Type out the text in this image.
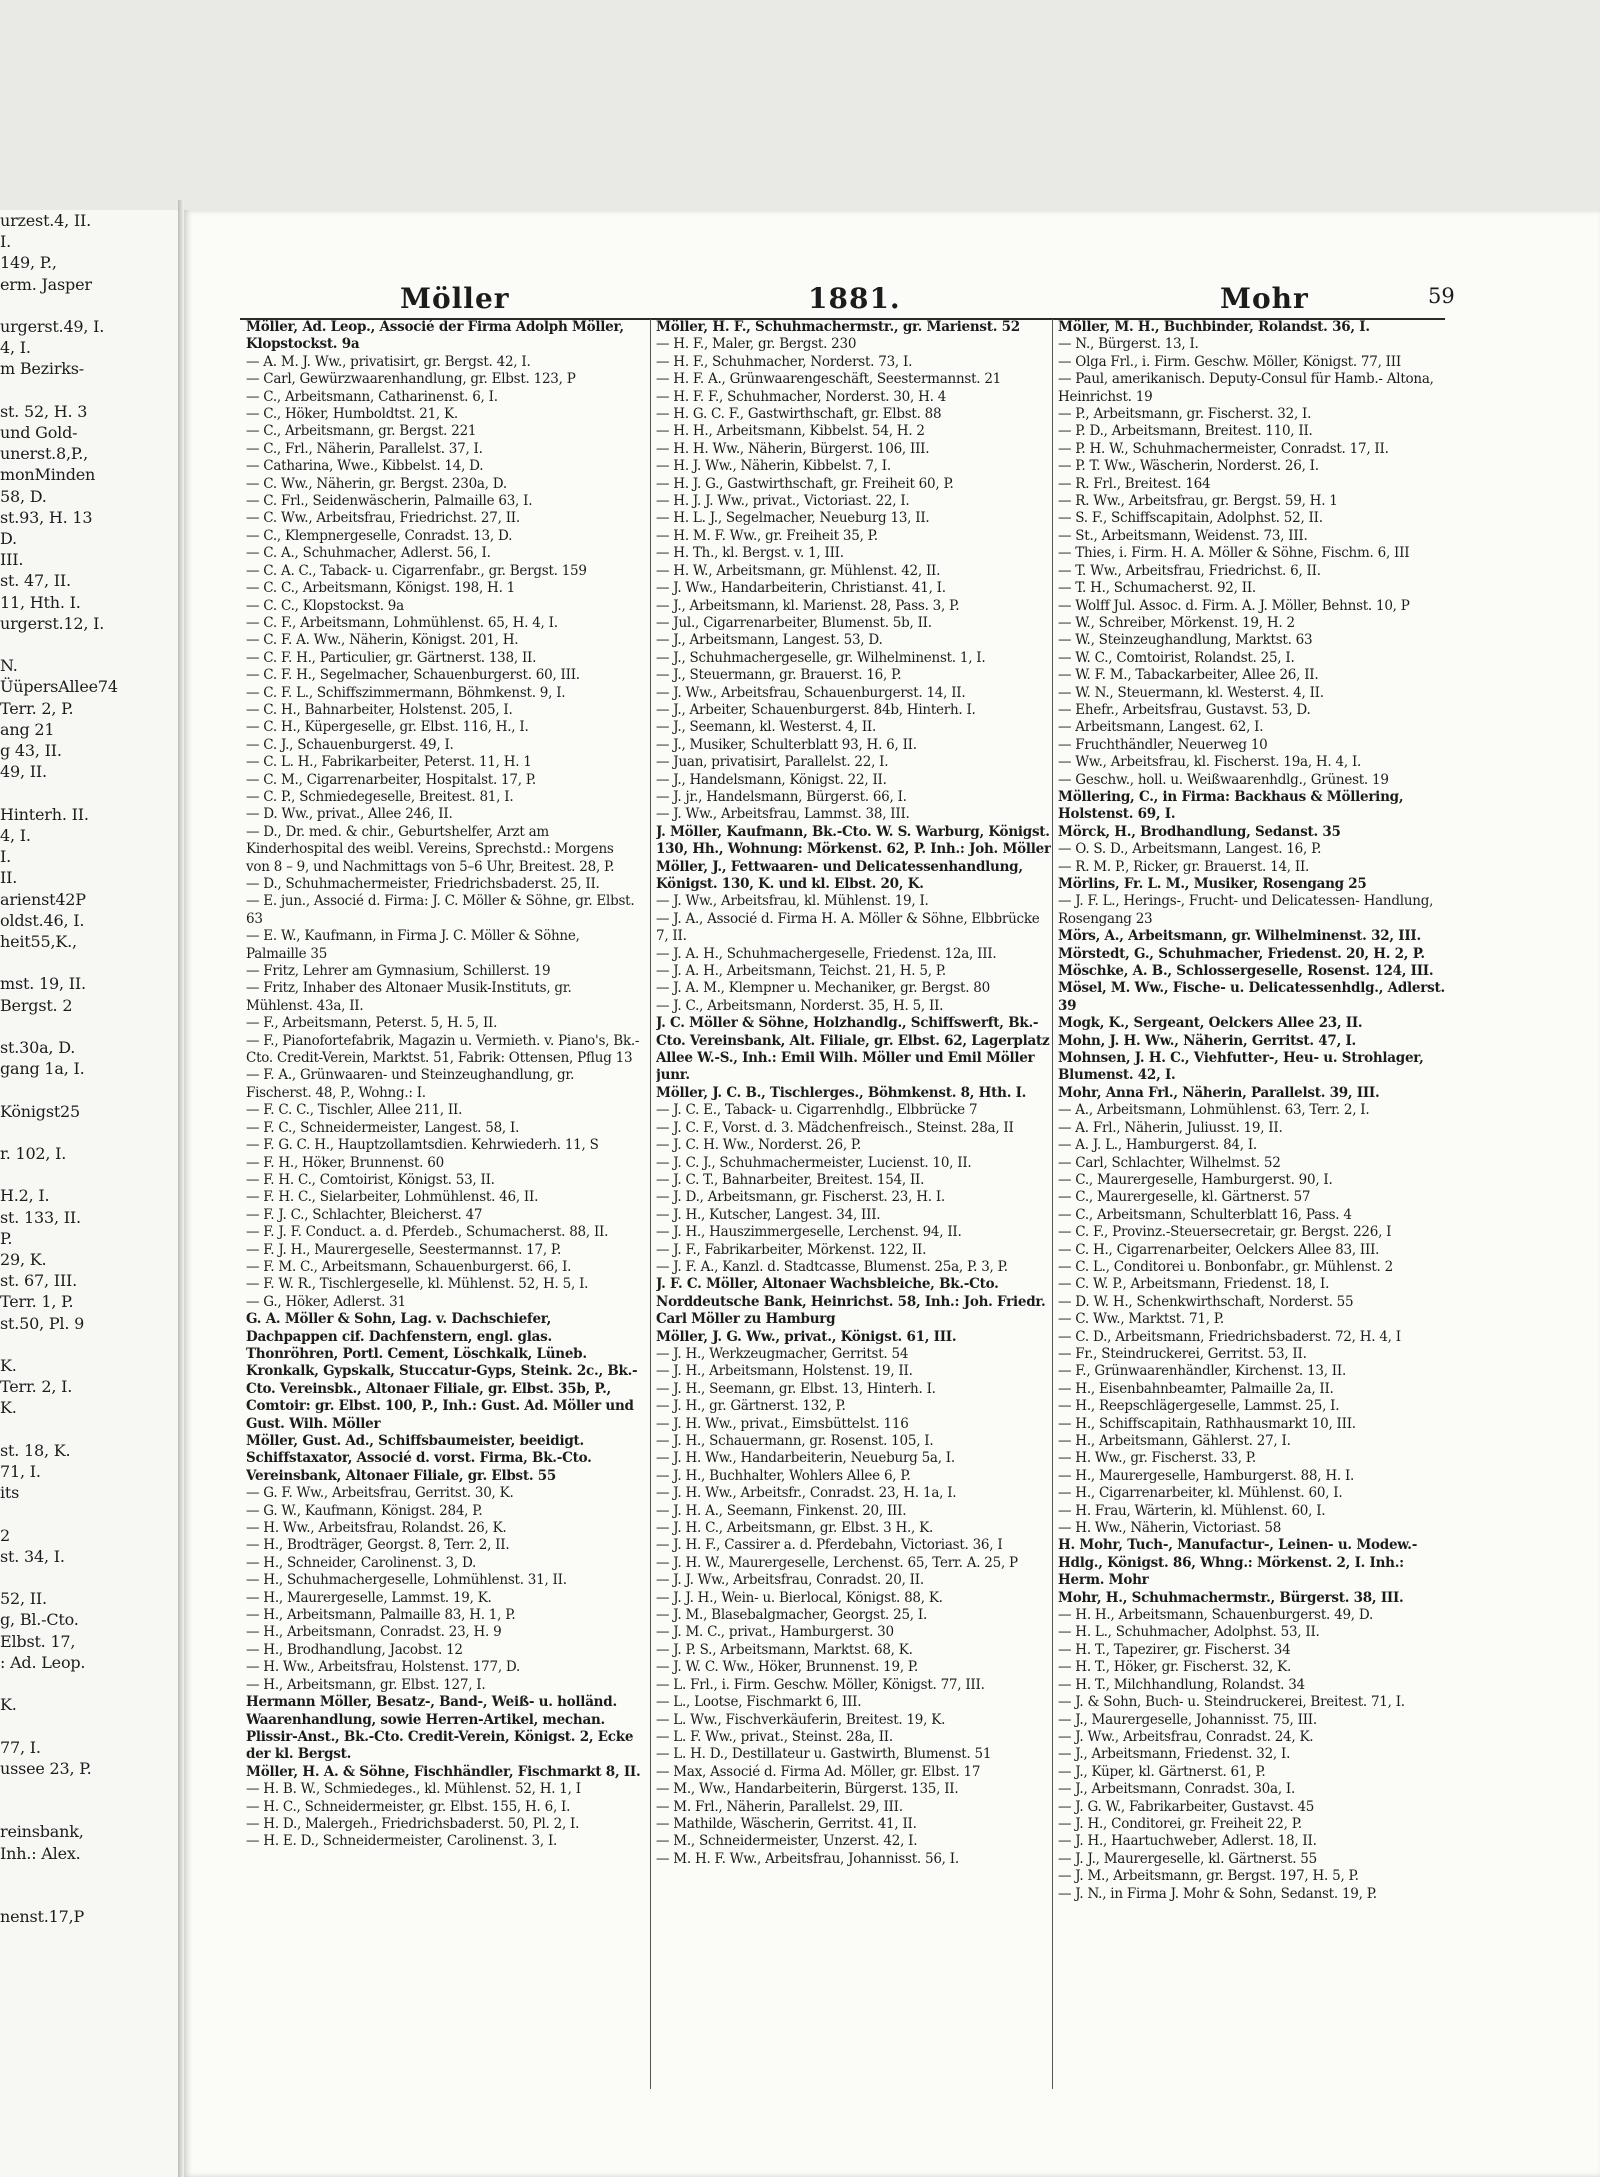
urzest.4, II.
I.
149, P.,
erm. Jasper

urgerst.49, I.
4, I.
m Bezirks-

st. 52, H. 3
und Gold-
unerst.8,P.,
monMinden
58, D.
st.93, H. 13
D.
III.
st. 47, II.
11, Hth. I.
urgerst.12, I.

N.
ÜüpersAllee74
Terr. 2, P.
ang 21
g 43, II.
49, II.

Hinterh. II.
4, I.
I.
II.
arienst42P
oldst.46, I.
heit55,K.,

mst. 19, II.
Bergst. 2

st.30a, D.
gang 1a, I.

Königst25

r. 102, I.

H.2, I.
st. 133, II.
P.
29, K.
st. 67, III.
Terr. 1, P.
st.50, Pl. 9

K.
Terr. 2, I.
K.

st. 18, K.
71, I.
its

2
st. 34, I.

52, II.
g, Bl.-Cto.
Elbst. 17,
: Ad. Leop.

K.

77, I.
ussee 23, P.

reinsbank,
Inh.: Alex.

nenst.17,P
Möller	1881.	Mohr	59
Möller, Ad. Leop., Associé der Firma Adolph Möller, Klopstockst. 9a
— A. M. J. Ww., privatisirt, gr. Bergst. 42, I.
— Carl, Gewürzwaarenhandlung, gr. Elbst. 123, P
— C., Arbeitsmann, Catharinenst. 6, I.
— C., Höker, Humboldtst. 21, K.
— C., Arbeitsmann, gr. Bergst. 221
— C., Frl., Näherin, Parallelst. 37, I.
— Catharina, Wwe., Kibbelst. 14, D.
— C. Ww., Näherin, gr. Bergst. 230a, D.
— C. Frl., Seidenwäscherin, Palmaille 63, I.
— C. Ww., Arbeitsfrau, Friedrichst. 27, II.
— C., Klempnergeselle, Conradst. 13, D.
— C. A., Schuhmacher, Adlerst. 56, I.
— C. A. C., Taback- u. Cigarrenfabr., gr. Bergst. 159
— C. C., Arbeitsmann, Königst. 198, H. 1
— C. C., Klopstockst. 9a
— C. F., Arbeitsmann, Lohmühlenst. 65, H. 4, I.
— C. F. A. Ww., Näherin, Königst. 201, H.
— C. F. H., Particulier, gr. Gärtnerst. 138, II.
— C. F. H., Segelmacher, Schauenburgerst. 60, III.
— C. F. L., Schiffszimmermann, Böhmkenst. 9, I.
— C. H., Bahnarbeiter, Holstenst. 205, I.
— C. H., Küpergeselle, gr. Elbst. 116, H., I.
— C. J., Schauenburgerst. 49, I.
— C. L. H., Fabrikarbeiter, Peterst. 11, H. 1
— C. M., Cigarrenarbeiter, Hospitalst. 17, P.
— C. P., Schmiedegeselle, Breitest. 81, I.
— D. Ww., privat., Allee 246, II.
— D., Dr. med. & chir., Geburtshelfer, Arzt am Kinderhospital des weibl. Vereins, Sprechstd.: Morgens von 8 – 9, und Nachmittags von 5–6 Uhr, Breitest. 28, P.
— D., Schuhmachermeister, Friedrichsbaderst. 25, II.
— E. jun., Associé d. Firma: J. C. Möller & Söhne, gr. Elbst. 63
— E. W., Kaufmann, in Firma J. C. Möller & Söhne, Palmaille 35
— Fritz, Lehrer am Gymnasium, Schillerst. 19
— Fritz, Inhaber des Altonaer Musik-Instituts, gr. Mühlenst. 43a, II.
— F., Arbeitsmann, Peterst. 5, H. 5, II.
— F., Pianofortefabrik, Magazin u. Vermieth. v. Piano's, Bk.-Cto. Credit-Verein, Marktst. 51, Fabrik: Ottensen, Pflug 13
— F. A., Grünwaaren- und Steinzeughandlung, gr. Fischerst. 48, P., Wohng.: I.
— F. C. C., Tischler, Allee 211, II.
— F. C., Schneidermeister, Langest. 58, I.
— F. G. C. H., Hauptzollamtsdien. Kehrwiederh. 11, S
— F. H., Höker, Brunnenst. 60
— F. H. C., Comtoirist, Königst. 53, II.
— F. H. C., Sielarbeiter, Lohmühlenst. 46, II.
— F. J. C., Schlachter, Bleicherst. 47
— F. J. F. Conduct. a. d. Pferdeb., Schumacherst. 88, II.
— F. J. H., Maurergeselle, Seestermannst. 17, P.
— F. M. C., Arbeitsmann, Schauenburgerst. 66, I.
— F. W. R., Tischlergeselle, kl. Mühlenst. 52, H. 5, I.
— G., Höker, Adlerst. 31
G. A. Möller & Sohn, Lag. v. Dachschiefer, Dachpappen cif. Dachfenstern, engl. glas. Thonröhren, Portl. Cement, Löschkalk, Lüneb. Kronkalk, Gypskalk, Stuccatur-Gyps, Steink. 2c., Bk.-Cto. Vereinsbk., Altonaer Filiale, gr. Elbst. 35b, P., Comtoir: gr. Elbst. 100, P., Inh.: Gust. Ad. Möller und Gust. Wilh. Möller
Möller, Gust. Ad., Schiffsbaumeister, beeidigt. Schiffstaxator, Associé d. vorst. Firma, Bk.-Cto. Vereinsbank, Altonaer Filiale, gr. Elbst. 55
— G. F. Ww., Arbeitsfrau, Gerritst. 30, K.
— G. W., Kaufmann, Königst. 284, P.
— H. Ww., Arbeitsfrau, Rolandst. 26, K.
— H., Brodträger, Georgst. 8, Terr. 2, II.
— H., Schneider, Carolinenst. 3, D.
— H., Schuhmachergeselle, Lohmühlenst. 31, II.
— H., Maurergeselle, Lammst. 19, K.
— H., Arbeitsmann, Palmaille 83, H. 1, P.
— H., Arbeitsmann, Conradst. 23, H. 9
— H., Brodhandlung, Jacobst. 12
— H. Ww., Arbeitsfrau, Holstenst. 177, D.
— H., Arbeitsmann, gr. Elbst. 127, I.
Hermann Möller, Besatz-, Band-, Weiß- u. holländ. Waarenhandlung, sowie Herren-Artikel, mechan. Plissir-Anst., Bk.-Cto. Credit-Verein, Königst. 2, Ecke der kl. Bergst.
Möller, H. A. & Söhne, Fischhändler, Fischmarkt 8, II.
— H. B. W., Schmiedeges., kl. Mühlenst. 52, H. 1, I
— H. C., Schneidermeister, gr. Elbst. 155, H. 6, I.
— H. D., Malergeh., Friedrichsbaderst. 50, Pl. 2, I.
— H. E. D., Schneidermeister, Carolinenst. 3, I.
Möller, H. F., Schuhmachermstr., gr. Marienst. 52
— H. F., Maler, gr. Bergst. 230
— H. F., Schuhmacher, Norderst. 73, I.
— H. F. A., Grünwaarengeschäft, Seestermannst. 21
— H. F. F., Schuhmacher, Norderst. 30, H. 4
— H. G. C. F., Gastwirthschaft, gr. Elbst. 88
— H. H., Arbeitsmann, Kibbelst. 54, H. 2
— H. H. Ww., Näherin, Bürgerst. 106, III.
— H. J. Ww., Näherin, Kibbelst. 7, I.
— H. J. G., Gastwirthschaft, gr. Freiheit 60, P.
— H. J. J. Ww., privat., Victoriast. 22, I.
— H. L. J., Segelmacher, Neueburg 13, II.
— H. M. F. Ww., gr. Freiheit 35, P.
— H. Th., kl. Bergst. v. 1, III.
— H. W., Arbeitsmann, gr. Mühlenst. 42, II.
— J. Ww., Handarbeiterin, Christianst. 41, I.
— J., Arbeitsmann, kl. Marienst. 28, Pass. 3, P.
— Jul., Cigarrenarbeiter, Blumenst. 5b, II.
— J., Arbeitsmann, Langest. 53, D.
— J., Schuhmachergeselle, gr. Wilhelminenst. 1, I.
— J., Steuermann, gr. Brauerst. 16, P.
— J. Ww., Arbeitsfrau, Schauenburgerst. 14, II.
— J., Arbeiter, Schauenburgerst. 84b, Hinterh. I.
— J., Seemann, kl. Westerst. 4, II.
— J., Musiker, Schulterblatt 93, H. 6, II.
— Juan, privatisirt, Parallelst. 22, I.
— J., Handelsmann, Königst. 22, II.
— J. jr., Handelsmann, Bürgerst. 66, I.
— J. Ww., Arbeitsfrau, Lammst. 38, III.
J. Möller, Kaufmann, Bk.-Cto. W. S. Warburg, Königst. 130, Hh., Wohnung: Mörkenst. 62, P. Inh.: Joh. Möller
Möller, J., Fettwaaren- und Delicatessenhandlung, Königst. 130, K. und kl. Elbst. 20, K.
— J. Ww., Arbeitsfrau, kl. Mühlenst. 19, I.
— J. A., Associé d. Firma H. A. Möller & Söhne, Elbbrücke 7, II.
— J. A. H., Schuhmachergeselle, Friedenst. 12a, III.
— J. A. H., Arbeitsmann, Teichst. 21, H. 5, P.
— J. A. M., Klempner u. Mechaniker, gr. Bergst. 80
— J. C., Arbeitsmann, Norderst. 35, H. 5, II.
J. C. Möller & Söhne, Holzhandlg., Schiffswerft, Bk.-Cto. Vereinsbank, Alt. Filiale, gr. Elbst. 62, Lagerplatz Allee W.-S., Inh.: Emil Wilh. Möller und Emil Möller junr.
Möller, J. C. B., Tischlerges., Böhmkenst. 8, Hth. I.
— J. C. E., Taback- u. Cigarrenhdlg., Elbbrücke 7
— J. C. F., Vorst. d. 3. Mädchenfreisch., Steinst. 28a, II
— J. C. H. Ww., Norderst. 26, P.
— J. C. J., Schuhmachermeister, Lucienst. 10, II.
— J. C. T., Bahnarbeiter, Breitest. 154, II.
— J. D., Arbeitsmann, gr. Fischerst. 23, H. I.
— J. H., Kutscher, Langest. 34, III.
— J. H., Hauszimmergeselle, Lerchenst. 94, II.
— J. F., Fabrikarbeiter, Mörkenst. 122, II.
— J. F. A., Kanzl. d. Stadtcasse, Blumenst. 25a, P. 3, P.
J. F. C. Möller, Altonaer Wachsbleiche, Bk.-Cto. Norddeutsche Bank, Heinrichst. 58, Inh.: Joh. Friedr. Carl Möller zu Hamburg
Möller, J. G. Ww., privat., Königst. 61, III.
— J. H., Werkzeugmacher, Gerritst. 54
— J. H., Arbeitsmann, Holstenst. 19, II.
— J. H., Seemann, gr. Elbst. 13, Hinterh. I.
— J. H., gr. Gärtnerst. 132, P.
— J. H. Ww., privat., Eimsbüttelst. 116
— J. H., Schauermann, gr. Rosenst. 105, I.
— J. H. Ww., Handarbeiterin, Neueburg 5a, I.
— J. H., Buchhalter, Wohlers Allee 6, P.
— J. H. Ww., Arbeitsfr., Conradst. 23, H. 1a, I.
— J. H. A., Seemann, Finkenst. 20, III.
— J. H. C., Arbeitsmann, gr. Elbst. 3 H., K.
— J. H. F., Cassirer a. d. Pferdebahn, Victoriast. 36, I
— J. H. W., Maurergeselle, Lerchenst. 65, Terr. A. 25, P
— J. J. Ww., Arbeitsfrau, Conradst. 20, II.
— J. J. H., Wein- u. Bierlocal, Königst. 88, K.
— J. M., Blasebalgmacher, Georgst. 25, I.
— J. M. C., privat., Hamburgerst. 30
— J. P. S., Arbeitsmann, Marktst. 68, K.
— J. W. C. Ww., Höker, Brunnenst. 19, P.
— L. Frl., i. Firm. Geschw. Möller, Königst. 77, III.
— L., Lootse, Fischmarkt 6, III.
— L. Ww., Fischverkäuferin, Breitest. 19, K.
— L. F. Ww., privat., Steinst. 28a, II.
— L. H. D., Destillateur u. Gastwirth, Blumenst. 51
— Max, Associé d. Firma Ad. Möller, gr. Elbst. 17
— M., Ww., Handarbeiterin, Bürgerst. 135, II.
— M. Frl., Näherin, Parallelst. 29, III.
— Mathilde, Wäscherin, Gerritst. 41, II.
— M., Schneidermeister, Unzerst. 42, I.
— M. H. F. Ww., Arbeitsfrau, Johannisst. 56, I.
Möller, M. H., Buchbinder, Rolandst. 36, I.
— N., Bürgerst. 13, I.
— Olga Frl., i. Firm. Geschw. Möller, Königst. 77, III
— Paul, amerikanisch. Deputy-Consul für Hamb.- Altona, Heinrichst. 19
— P., Arbeitsmann, gr. Fischerst. 32, I.
— P. D., Arbeitsmann, Breitest. 110, II.
— P. H. W., Schuhmachermeister, Conradst. 17, II.
— P. T. Ww., Wäscherin, Norderst. 26, I.
— R. Frl., Breitest. 164
— R. Ww., Arbeitsfrau, gr. Bergst. 59, H. 1
— S. F., Schiffscapitain, Adolphst. 52, II.
— St., Arbeitsmann, Weidenst. 73, III.
— Thies, i. Firm. H. A. Möller & Söhne, Fischm. 6, III
— T. Ww., Arbeitsfrau, Friedrichst. 6, II.
— T. H., Schumacherst. 92, II.
— Wolff Jul. Assoc. d. Firm. A. J. Möller, Behnst. 10, P
— W., Schreiber, Mörkenst. 19, H. 2
— W., Steinzeughandlung, Marktst. 63
— W. C., Comtoirist, Rolandst. 25, I.
— W. F. M., Tabackarbeiter, Allee 26, II.
— W. N., Steuermann, kl. Westerst. 4, II.
— Ehefr., Arbeitsfrau, Gustavst. 53, D.
— Arbeitsmann, Langest. 62, I.
— Fruchthändler, Neuerweg 10
— Ww., Arbeitsfrau, kl. Fischerst. 19a, H. 4, I.
— Geschw., holl. u. Weißwaarenhdlg., Grünest. 19
Möllering, C., in Firma: Backhaus & Möllering, Holstenst. 69, I.
Mörck, H., Brodhandlung, Sedanst. 35
— O. S. D., Arbeitsmann, Langest. 16, P.
— R. M. P., Ricker, gr. Brauerst. 14, II.
Mörlins, Fr. L. M., Musiker, Rosengang 25
— J. F. L., Herings-, Frucht- und Delicatessen- Handlung, Rosengang 23
Mörs, A., Arbeitsmann, gr. Wilhelminenst. 32, III.
Mörstedt, G., Schuhmacher, Friedenst. 20, H. 2, P.
Möschke, A. B., Schlossergeselle, Rosenst. 124, III.
Mösel, M. Ww., Fische- u. Delicatessenhdlg., Adlerst. 39
Mogk, K., Sergeant, Oelckers Allee 23, II.
Mohn, J. H. Ww., Näherin, Gerritst. 47, I.
Mohnsen, J. H. C., Viehfutter-, Heu- u. Strohlager, Blumenst. 42, I.
Mohr, Anna Frl., Näherin, Parallelst. 39, III.
— A., Arbeitsmann, Lohmühlenst. 63, Terr. 2, I.
— A. Frl., Näherin, Juliusst. 19, II.
— A. J. L., Hamburgerst. 84, I.
— Carl, Schlachter, Wilhelmst. 52
— C., Maurergeselle, Hamburgerst. 90, I.
— C., Maurergeselle, kl. Gärtnerst. 57
— C., Arbeitsmann, Schulterblatt 16, Pass. 4
— C. F., Provinz.-Steuersecretair, gr. Bergst. 226, I
— C. H., Cigarrenarbeiter, Oelckers Allee 83, III.
— C. L., Conditorei u. Bonbonfabr., gr. Mühlenst. 2
— C. W. P., Arbeitsmann, Friedenst. 18, I.
— D. W. H., Schenkwirthschaft, Norderst. 55
— C. Ww., Marktst. 71, P.
— C. D., Arbeitsmann, Friedrichsbaderst. 72, H. 4, I
— Fr., Steindruckerei, Gerritst. 53, II.
— F., Grünwaarenhändler, Kirchenst. 13, II.
— H., Eisenbahnbeamter, Palmaille 2a, II.
— H., Reepschlägergeselle, Lammst. 25, I.
— H., Schiffscapitain, Rathhausmarkt 10, III.
— H., Arbeitsmann, Gählerst. 27, I.
— H. Ww., gr. Fischerst. 33, P.
— H., Maurergeselle, Hamburgerst. 88, H. I.
— H., Cigarrenarbeiter, kl. Mühlenst. 60, I.
— H. Frau, Wärterin, kl. Mühlenst. 60, I.
— H. Ww., Näherin, Victoriast. 58
H. Mohr, Tuch-, Manufactur-, Leinen- u. Modew.- Hdlg., Königst. 86, Whng.: Mörkenst. 2, I. Inh.: Herm. Mohr
Mohr, H., Schuhmachermstr., Bürgerst. 38, III.
— H. H., Arbeitsmann, Schauenburgerst. 49, D.
— H. L., Schuhmacher, Adolphst. 53, II.
— H. T., Tapezirer, gr. Fischerst. 34
— H. T., Höker, gr. Fischerst. 32, K.
— H. T., Milchhandlung, Rolandst. 34
— J. & Sohn, Buch- u. Steindruckerei, Breitest. 71, I.
— J., Maurergeselle, Johannisst. 75, III.
— J. Ww., Arbeitsfrau, Conradst. 24, K.
— J., Arbeitsmann, Friedenst. 32, I.
— J., Küper, kl. Gärtnerst. 61, P.
— J., Arbeitsmann, Conradst. 30a, I.
— J. G. W., Fabrikarbeiter, Gustavst. 45
— J. H., Conditorei, gr. Freiheit 22, P.
— J. H., Haartuchweber, Adlerst. 18, II.
— J. J., Maurergeselle, kl. Gärtnerst. 55
— J. M., Arbeitsmann, gr. Bergst. 197, H. 5, P.
— J. N., in Firma J. Mohr & Sohn, Sedanst. 19, P.
